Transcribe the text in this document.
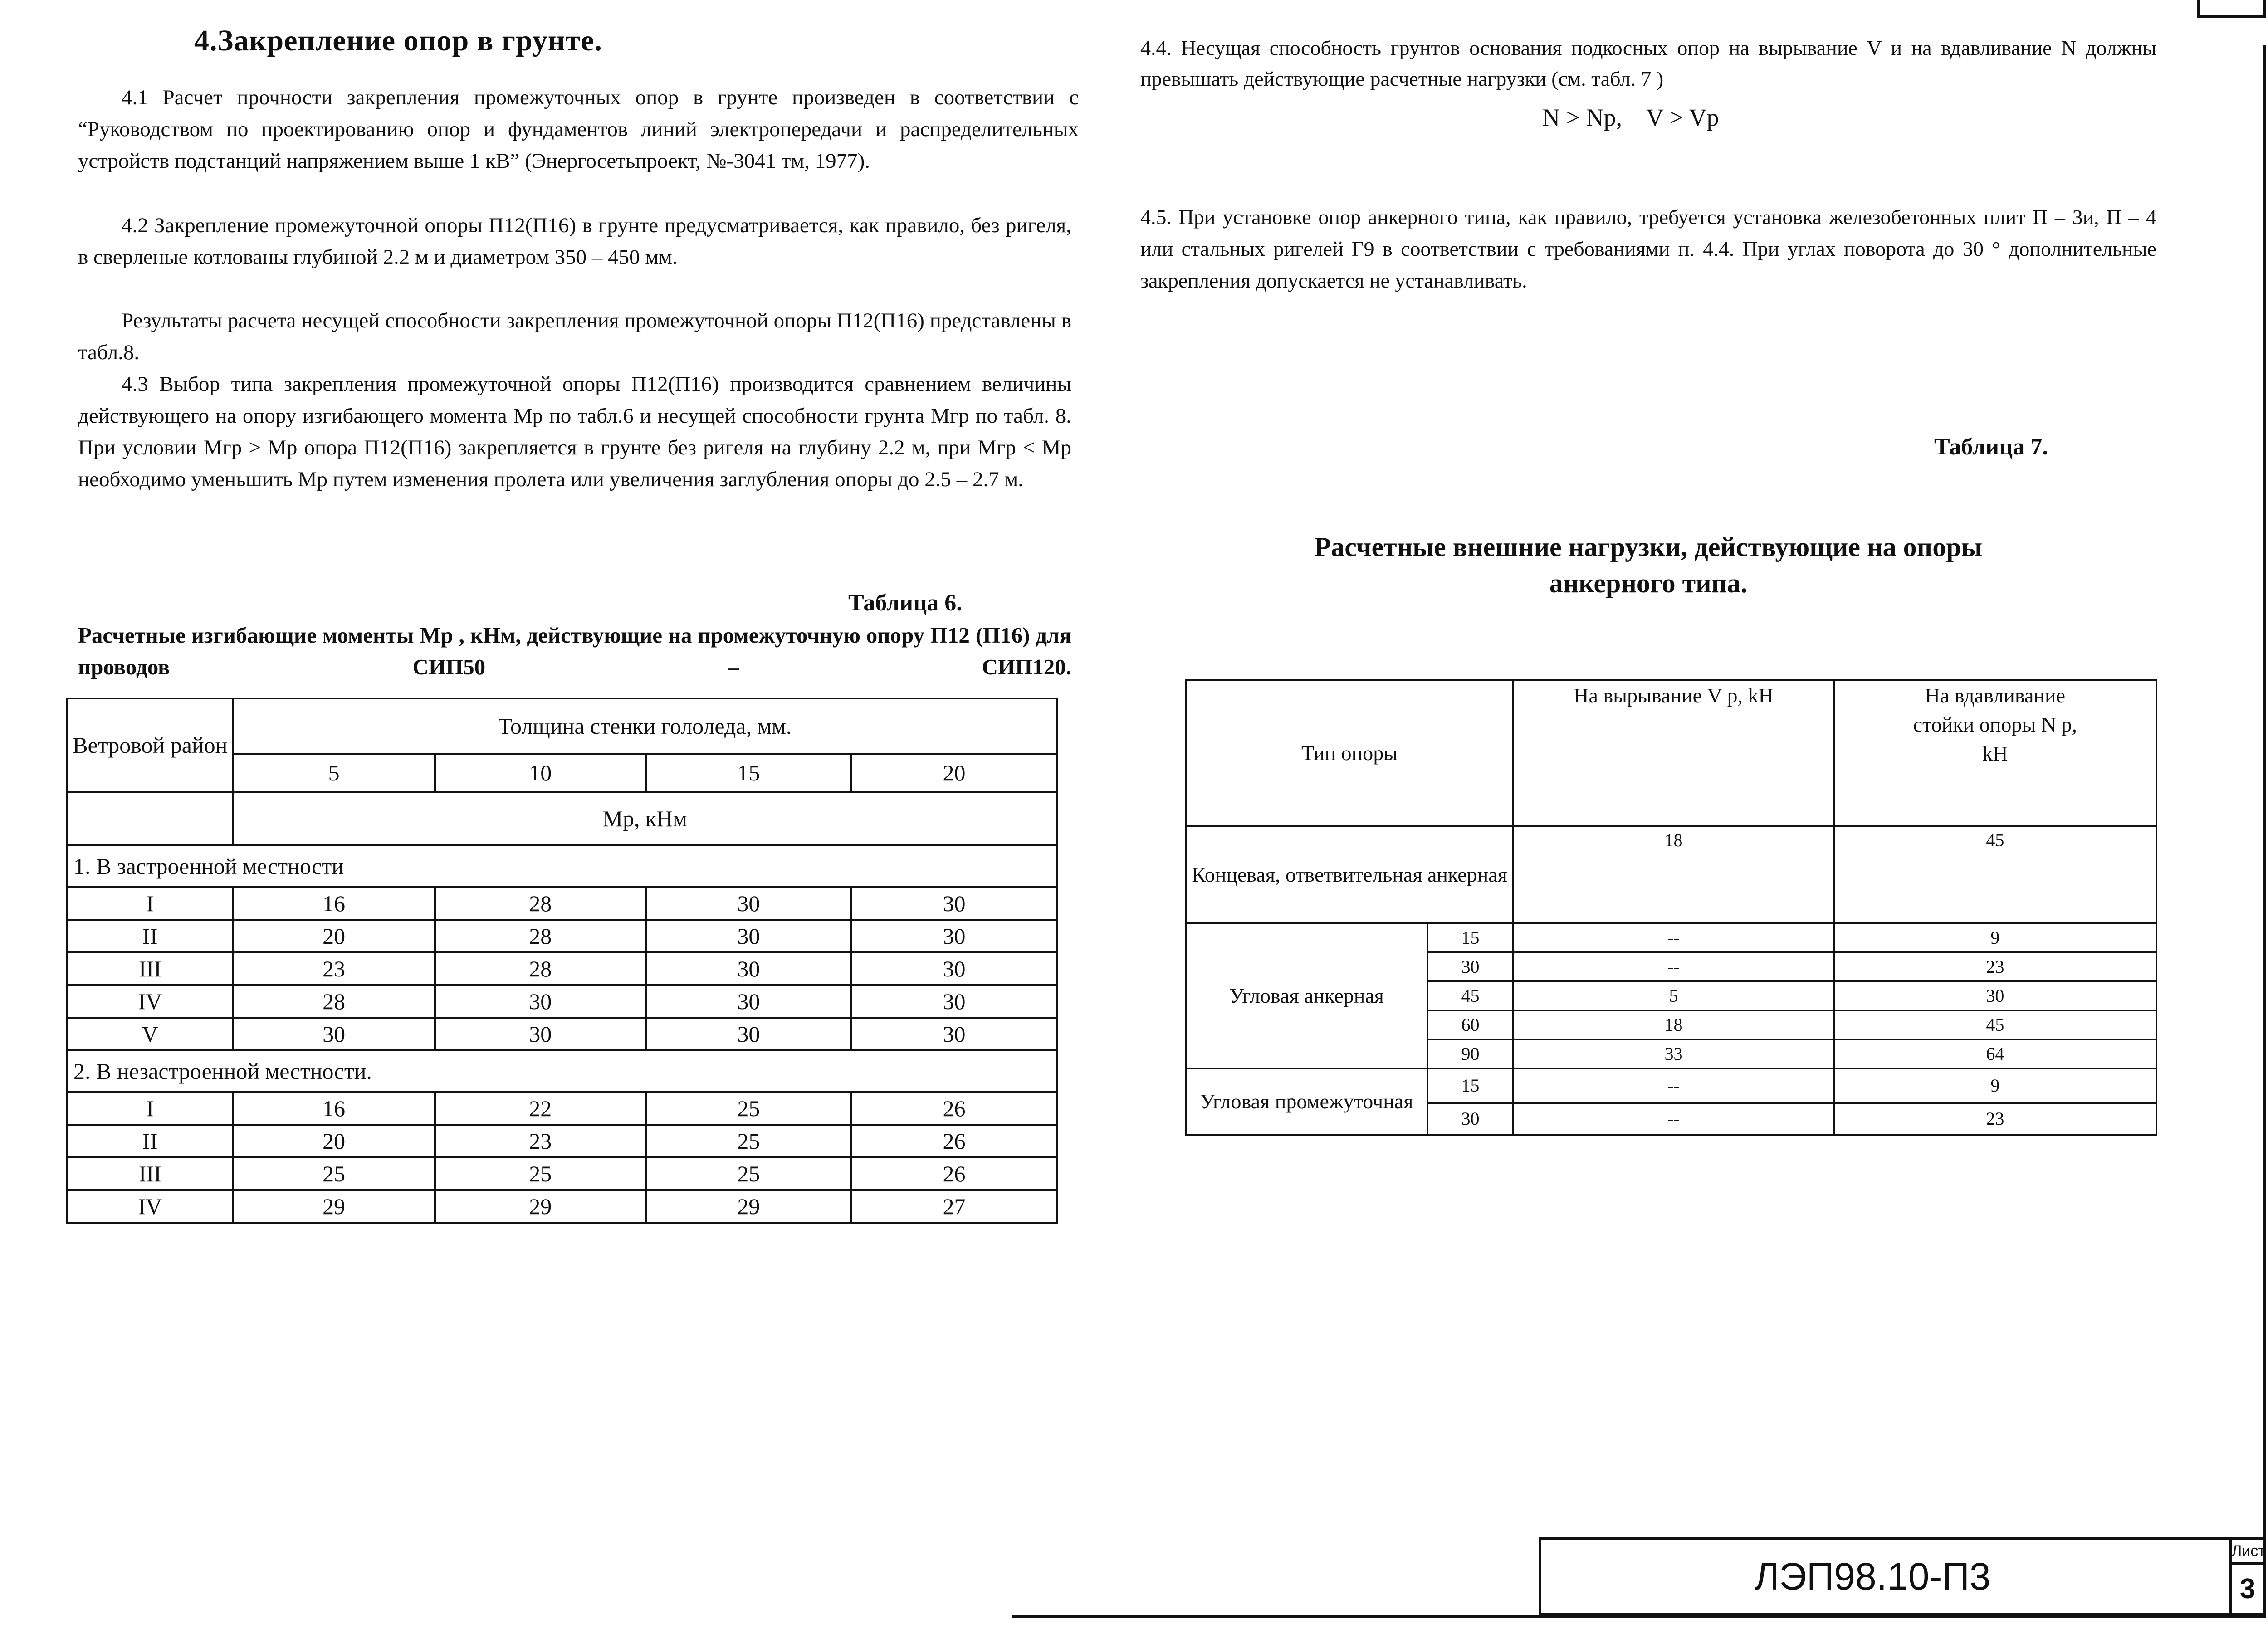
4.Закрепление опор в грунте.
4.1 Расчет прочности закрепления промежуточных опор в грунте произведен в соответствии с “Руководством по проектированию опор и фундаментов линий электропередачи и распределительных устройств подстанций напряжением выше 1 кВ” (Энергосетьпроект, №-3041 тм, 1977).
4.2 Закрепление промежуточной опоры П12(П16) в грунте предусматривается, как правило, без ригеля, в сверленые котлованы глубиной 2.2 м и диаметром 350 – 450 мм.
Результаты расчета несущей способности закрепления промежуточной опоры П12(П16) представлены в табл.8.
4.3 Выбор типа закрепления промежуточной опоры П12(П16) производится сравнением величины действующего на опору изгибающего момента Мр по табл.6 и несущей способности грунта Мгр по табл. 8. При условии Мгр > Мр опора П12(П16) закрепляется в грунте без ригеля на глубину 2.2 м, при Мгр < Мр необходимо уменьшить Мр путем изменения пролета или увеличения заглубления опоры до 2.5 – 2.7 м.
Таблица 6.
Расчетные изгибающие моменты Мр , кНм, действующие на промежуточную опору П12 (П16) для проводов СИП50 – СИП120.
Ветровой район	Толщина стенки гололеда, мм.			
	5	10	15	20
	Мр, кНм			
1. В застроенной местности				
I	16	28	30	30
II	20	28	30	30
III	23	28	30	30
IV	28	30	30	30
V	30	30	30	30
2. В незастроенной местности.				
I	16	22	25	26
II	20	23	25	26
III	25	25	25	26
IV	29	29	29	27
4.4. Несущая способность грунтов основания подкосных опор на вырывание V и на вдавливание N должны превышать действующие расчетные нагрузки (см. табл. 7 )
N > Np,    V > Vp
4.5. При установке опор анкерного типа, как правило, требуется установка железобетонных плит П – 3и, П – 4 или стальных ригелей Г9 в соответствии с требованиями п. 4.4. При углах поворота до 30 ° дополнительные закрепления допускается не устанавливать.
Таблица 7.
Расчетные внешние нагрузки, действующие на опоры
анкерного типа.
Тип опоры		На вырывание V р, kH	На вдавливание стойки опоры N р, kH
Концевая, ответвительная анкерная		18	45
Угловая анкерная	15	--	9
	30	--	23
	45	5	30
	60	18	45
	90	33	64
Угловая промежуточная	15	--	9
	30	--	23
ЛЭП98.10-П3
Лист
3
